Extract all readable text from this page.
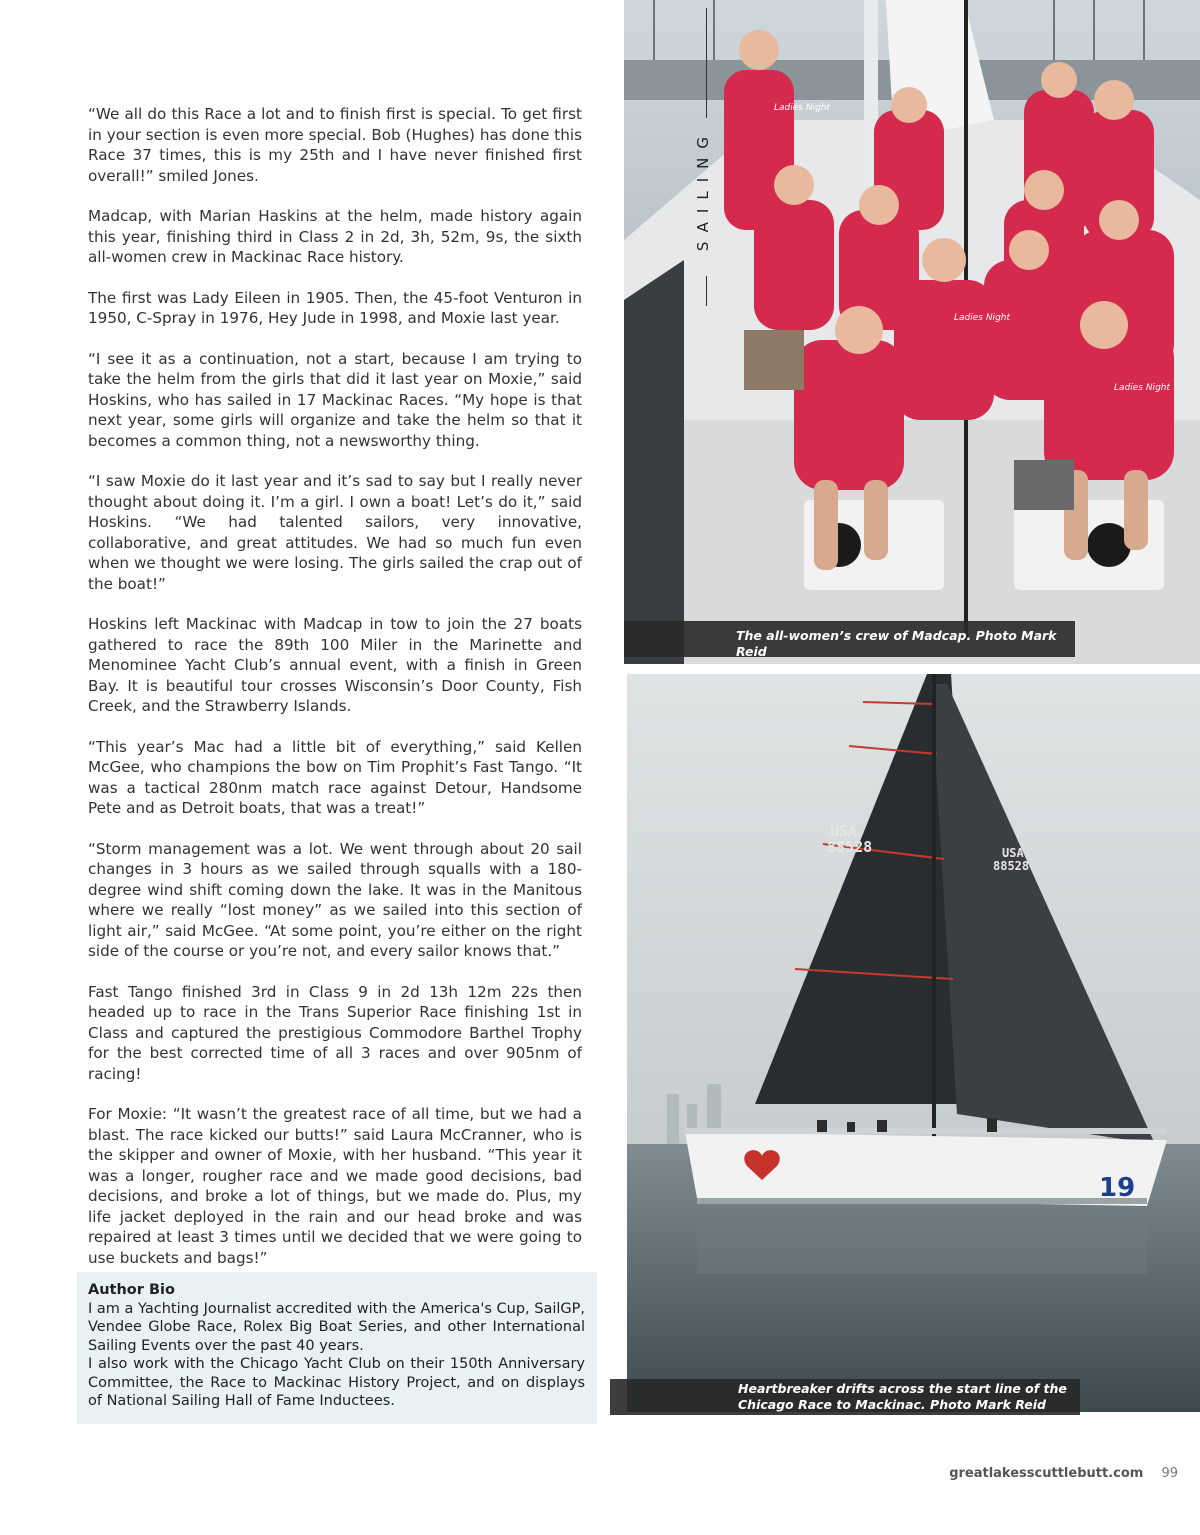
“We all do this Race a lot and to finish first is special. To get first in your section is even more special. Bob (Hughes) has done this Race 37 times, this is my 25th and I have never finished first overall!” smiled Jones.

Madcap, with Marian Haskins at the helm, made history again this year, finishing third in Class 2 in 2d, 3h, 52m, 9s, the sixth all-women crew in Mackinac Race history.

The first was Lady Eileen in 1905. Then, the 45-foot Venturon in 1950, C-Spray in 1976, Hey Jude in 1998, and Moxie last year.

“I see it as a continuation, not a start, because I am trying to take the helm from the girls that did it last year on Moxie,” said Hoskins, who has sailed in 17 Mackinac Races. “My hope is that next year, some girls will organize and take the helm so that it becomes a common thing, not a newsworthy thing.

“I saw Moxie do it last year and it’s sad to say but I really never thought about doing it. I’m a girl. I own a boat! Let’s do it,” said Hoskins. “We had talented sailors, very innovative, collaborative, and great attitudes. We had so much fun even when we thought we were losing. The girls sailed the crap out of the boat!”

Hoskins left Mackinac with Madcap in tow to join the 27 boats gathered to race the 89th 100 Miler in the Marinette and Menominee Yacht Club’s annual event, with a finish in Green Bay. It is beautiful tour crosses Wisconsin’s Door County, Fish Creek, and the Strawberry Islands.

“This year’s Mac had a little bit of everything,” said Kellen McGee, who champions the bow on Tim Prophit’s Fast Tango. “It was a tactical 280nm match race against Detour, Handsome Pete and as Detroit boats, that was a treat!”

“Storm management was a lot. We went through about 20 sail changes in 3 hours as we sailed through squalls with a 180-degree wind shift coming down the lake. It was in the Manitous where we really “lost money” as we sailed into this section of light air,” said McGee. “At some point, you’re either on the right side of the course or you’re not, and every sailor knows that.”

Fast Tango finished 3rd in Class 9 in 2d 13h 12m 22s then headed up to race in the Trans Superior Race finishing 1st in Class and captured the prestigious Commodore Barthel Trophy for the best corrected time of all 3 races and over 905nm of racing!

For Moxie: “It wasn’t the greatest race of all time, but we had a blast. The race kicked our butts!” said Laura McCranner, who is the skipper and owner of Moxie, with her husband. “This year it was a longer, rougher race and we made good decisions, bad decisions, and broke a lot of things, but we made do. Plus, my life jacket deployed in the rain and our head broke and was repaired at least 3 times until we decided that we were going to use buckets and bags!”

Author Bio

I am a Yachting Journalist accredited with the America's Cup, SailGP, Vendee Globe Race, Rolex Big Boat Series, and other International Sailing Events over the past 40 years.

I also work with the Chicago Yacht Club on their 150th Anniversary Committee, the Race to Mackinac History Project, and on displays of National Sailing Hall of Fame Inductees.

Ladies Night
Ladies Night
Ladies Night
SAILING
The all-women’s crew of Madcap. Photo Mark Reid
USA
88528	USA
88528
19
Heartbreaker drifts across the start line of the
Chicago Race to Mackinac. Photo Mark Reid
greatlakesscuttlebutt.com 99
